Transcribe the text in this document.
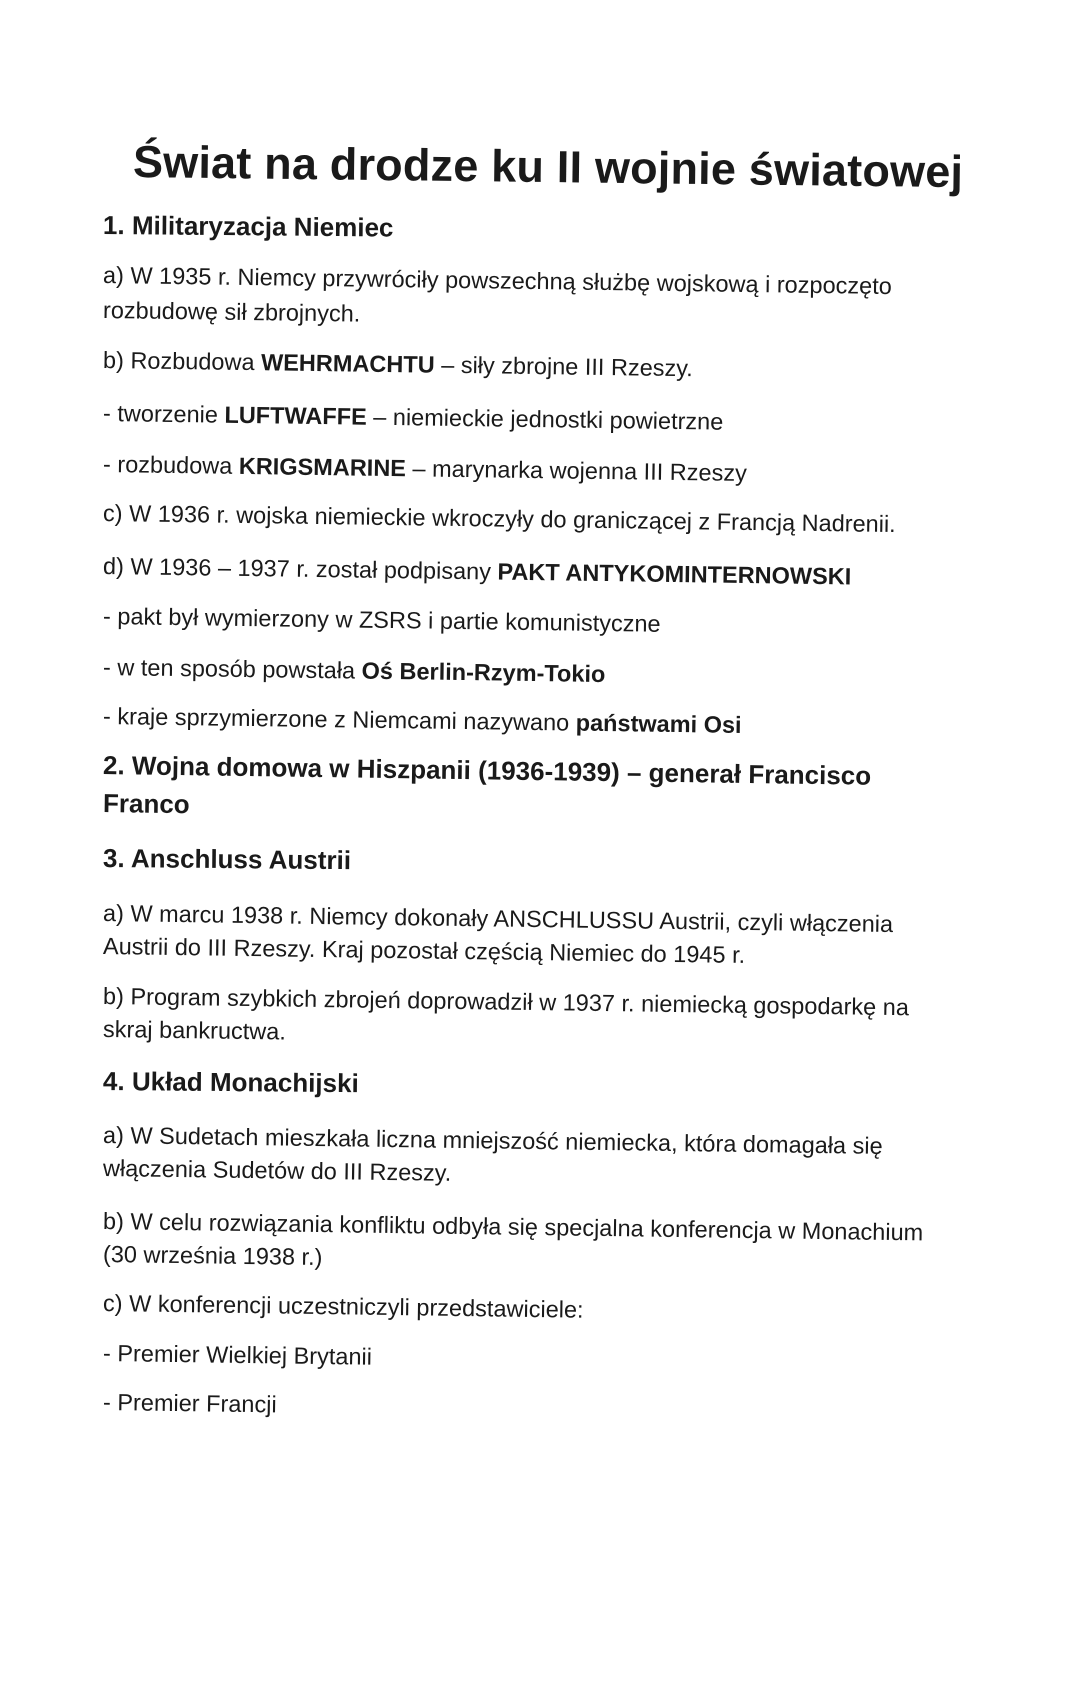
Świat na drodze ku II wojnie światowej
1. Militaryzacja Niemiec
a) W 1935 r. Niemcy przywróciły powszechną służbę wojskową i rozpoczęto
rozbudowę sił zbrojnych.
b) Rozbudowa WEHRMACHTU – siły zbrojne III Rzeszy.
- tworzenie LUFTWAFFE – niemieckie jednostki powietrzne
- rozbudowa KRIGSMARINE – marynarka wojenna III Rzeszy
c) W 1936 r. wojska niemieckie wkroczyły do graniczącej z Francją Nadrenii.
d) W 1936 – 1937 r. został podpisany PAKT ANTYKOMINTERNOWSKI
- pakt był wymierzony w ZSRS i partie komunistyczne
- w ten sposób powstała Oś Berlin-Rzym-Tokio
- kraje sprzymierzone z Niemcami nazywano państwami Osi
2. Wojna domowa w Hiszpanii (1936-1939) – generał Francisco
Franco
3. Anschluss Austrii
a) W marcu 1938 r. Niemcy dokonały ANSCHLUSSU Austrii, czyli włączenia
Austrii do III Rzeszy. Kraj pozostał częścią Niemiec do 1945 r.
b) Program szybkich zbrojeń doprowadził w 1937 r. niemiecką gospodarkę na
skraj bankructwa.
4. Układ Monachijski
a) W Sudetach mieszkała liczna mniejszość niemiecka, która domagała się
włączenia Sudetów do III Rzeszy.
b) W celu rozwiązania konfliktu odbyła się specjalna konferencja w Monachium
(30 września 1938 r.)
c) W konferencji uczestniczyli przedstawiciele:
- Premier Wielkiej Brytanii
- Premier Francji
